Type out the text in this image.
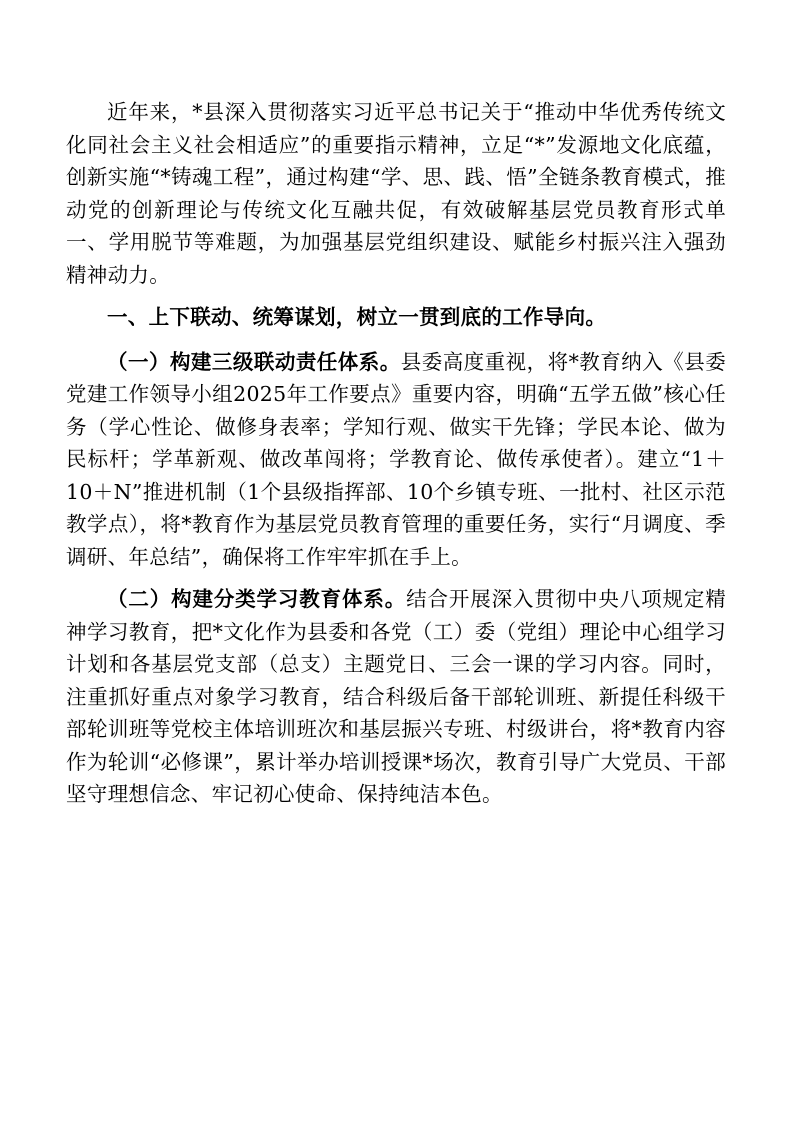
近年来，*县深入贯彻落实习近平总书记关于“推动中华优秀传统文化同社会主义社会相适应”的重要指示精神，立足“*”发源地文化底蕴， 创新实施“*铸魂工程”，通过构建“学、思、践、悟”全链条教育模式，推动党的创新理论与传统文化互融共促，有效破解基层党员教育形式单一、学用脱节等难题，为加强基层党组织建设、赋能乡村振兴注入强劲精神动力。

一、上下联动、统筹谋划，树立一贯到底的工作导向。

（一）构建三级联动责任体系。县委高度重视，将*教育纳入《县委党建工作领导小组2025年工作要点》重要内容，明确“五学五做”核心任务（学心性论、做修身表率；学知行观、做实干先锋；学民本论、做为民标杆；学革新观、做改革闯将；学教育论、做传承使者）。建立“1＋10＋N”推进机制（1个县级指挥部、10个乡镇专班、一批村、社区示范教学点），将*教育作为基层党员教育管理的重要任务，实行“月调度、季调研、年总结”，确保将工作牢牢抓在手上。

（二）构建分类学习教育体系。结合开展深入贯彻中央八项规定精神学习教育，把*文化作为县委和各党（工）委（党组）理论中心组学习计划和各基层党支部（总支）主题党日、三会一课的学习内容。同时，注重抓好重点对象学习教育，结合科级后备干部轮训班、新提任科级干部轮训班等党校主体培训班次和基层振兴专班、村级讲台，将*教育内容作为轮训“必修课”，累计举办培训授课*场次，教育引导广大党员、干部坚守理想信念、牢记初心使命、保持纯洁本色。
